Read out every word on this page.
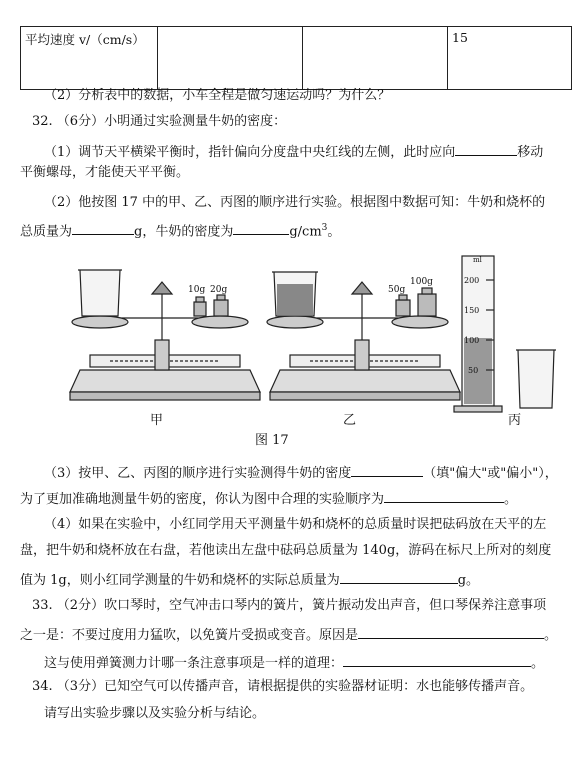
平均速度 v/（cm/s）			15
（2）分析表中的数据，小车全程是做匀速运动吗？为什么？
32. （6分）小明通过实验测量牛奶的密度：
（1）调节天平横梁平衡时，指针偏向分度盘中央红线的左侧，此时应向	移动
平衡螺母，才能使天平平衡。
（2）他按图 17 中的甲、乙、丙图的顺序进行实验。根据图中数据可知：牛奶和烧杯的
总质量为	g，牛奶的密度为	$g/cm^3$。
10g 20g	50g
100g
ml
200
150
100
50
甲	乙	丙
图 17
（3）按甲、乙、丙图的顺序进行实验测得牛奶的密度	（填"偏大"或"偏小"），
为了更加准确地测量牛奶的密度，你认为图中合理的实验顺序为	。
（4）如果在实验中，小红同学用天平测量牛奶和烧杯的总质量时误把砝码放在天平的左
盘，把牛奶和烧杯放在右盘，若他读出左盘中砝码总质量为 140g，游码在标尺上所对的刻度
值为 1g，则小红同学测量的牛奶和烧杯的实际总质量为	g。
33. （2分）吹口琴时，空气冲击口琴内的簧片，簧片振动发出声音，但口琴保养注意事项
之一是：不要过度用力猛吹，以免簧片受损或变音。原因是	。
这与使用弹簧测力计哪一条注意事项是一样的道理：	。
34. （3分）已知空气可以传播声音，请根据提供的实验器材证明：水也能够传播声音。
请写出实验步骤以及实验分析与结论。
